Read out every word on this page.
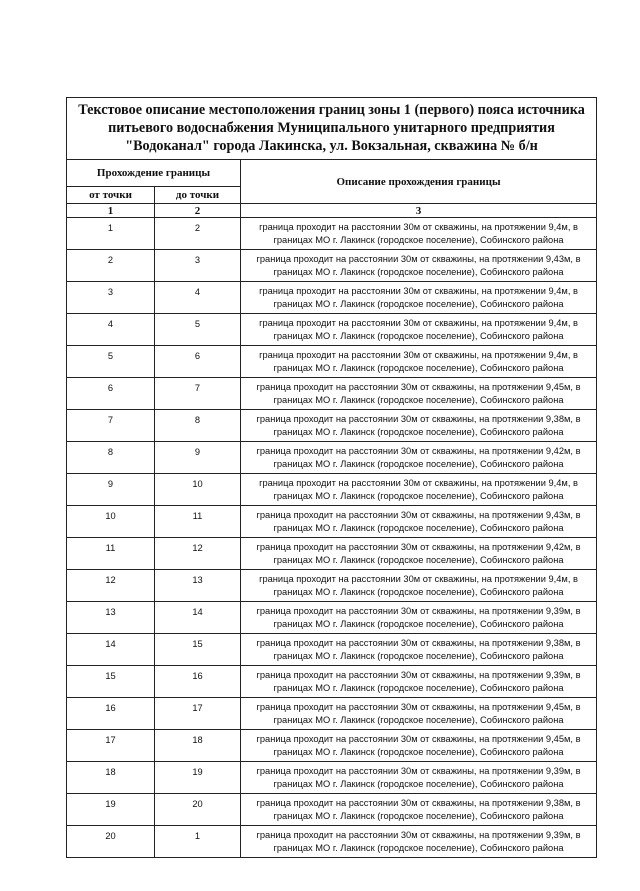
Текстовое описание местоположения границ зоны 1 (первого) пояса источника
питьевого водоснабжения Муниципального унитарного предприятия
"Водоканал" города Лакинска, ул. Вокзальная, скважина № б/н		

Прохождение границы		Описание прохождения границы
от точки	до точки	
1	2	3
1	2	граница проходит на расстоянии 30м от скважины, на протяжении 9,4м, в
границах МО г. Лакинск (городское поселение), Собинского района

2	3	граница проходит на расстоянии 30м от скважины, на протяжении 9,43м, в
границах МО г. Лакинск (городское поселение), Собинского района

3	4	граница проходит на расстоянии 30м от скважины, на протяжении 9,4м, в
границах МО г. Лакинск (городское поселение), Собинского района

4	5	граница проходит на расстоянии 30м от скважины, на протяжении 9,4м, в
границах МО г. Лакинск (городское поселение), Собинского района

5	6	граница проходит на расстоянии 30м от скважины, на протяжении 9,4м, в
границах МО г. Лакинск (городское поселение), Собинского района

6	7	граница проходит на расстоянии 30м от скважины, на протяжении 9,45м, в
границах МО г. Лакинск (городское поселение), Собинского района

7	8	граница проходит на расстоянии 30м от скважины, на протяжении 9,38м, в
границах МО г. Лакинск (городское поселение), Собинского района

8	9	граница проходит на расстоянии 30м от скважины, на протяжении 9,42м, в
границах МО г. Лакинск (городское поселение), Собинского района

9	10	граница проходит на расстоянии 30м от скважины, на протяжении 9,4м, в
границах МО г. Лакинск (городское поселение), Собинского района

10	11	граница проходит на расстоянии 30м от скважины, на протяжении 9,43м, в
границах МО г. Лакинск (городское поселение), Собинского района

11	12	граница проходит на расстоянии 30м от скважины, на протяжении 9,42м, в
границах МО г. Лакинск (городское поселение), Собинского района

12	13	граница проходит на расстоянии 30м от скважины, на протяжении 9,4м, в
границах МО г. Лакинск (городское поселение), Собинского района

13	14	граница проходит на расстоянии 30м от скважины, на протяжении 9,39м, в
границах МО г. Лакинск (городское поселение), Собинского района

14	15	граница проходит на расстоянии 30м от скважины, на протяжении 9,38м, в
границах МО г. Лакинск (городское поселение), Собинского района

15	16	граница проходит на расстоянии 30м от скважины, на протяжении 9,39м, в
границах МО г. Лакинск (городское поселение), Собинского района

16	17	граница проходит на расстоянии 30м от скважины, на протяжении 9,45м, в
границах МО г. Лакинск (городское поселение), Собинского района

17	18	граница проходит на расстоянии 30м от скважины, на протяжении 9,45м, в
границах МО г. Лакинск (городское поселение), Собинского района

18	19	граница проходит на расстоянии 30м от скважины, на протяжении 9,39м, в
границах МО г. Лакинск (городское поселение), Собинского района

19	20	граница проходит на расстоянии 30м от скважины, на протяжении 9,38м, в
границах МО г. Лакинск (городское поселение), Собинского района

20	1	граница проходит на расстоянии 30м от скважины, на протяжении 9,39м, в
границах МО г. Лакинск (городское поселение), Собинского района
